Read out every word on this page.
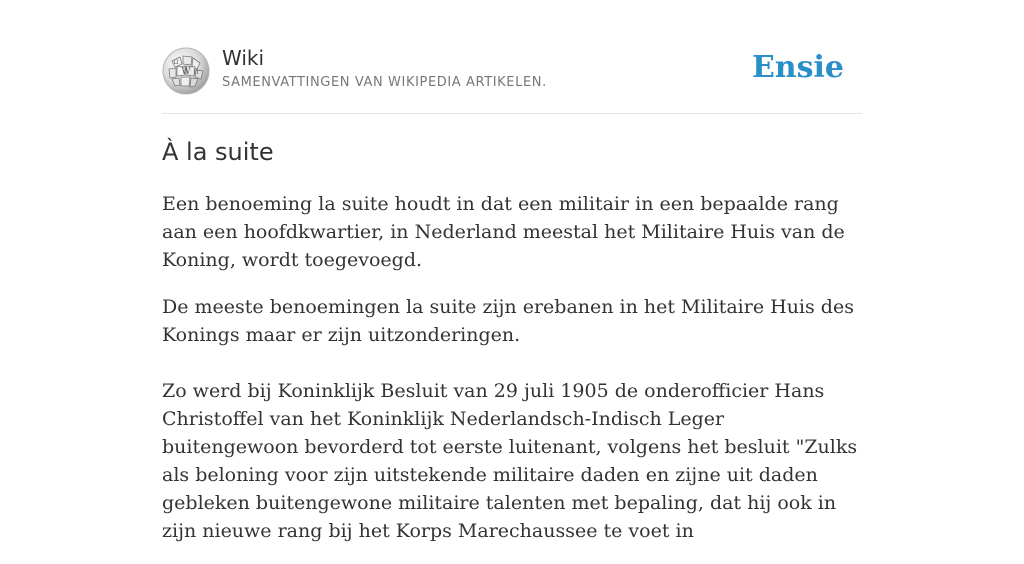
W
Ω
И
Wiki
SAMENVATTINGEN VAN WIKIPEDIA ARTIKELEN.	Ensie
À la suite

Een benoeming la suite houdt in dat een militair in een bepaalde rang aan een hoofdkwartier, in Nederland meestal het Militaire Huis van de Koning, wordt toegevoegd.

De meeste benoemingen la suite zijn erebanen in het Militaire Huis des Konings maar er zijn uitzonderingen.

Zo werd bij Koninklijk Besluit van 29 juli 1905 de onderofficier Hans Christoffel van het Koninklijk Nederlandsch-Indisch Leger buitengewoon bevorderd tot eerste luitenant, volgens het besluit "Zulks als beloning voor zijn uitstekende militaire daden en zijne uit daden gebleken buitengewone militaire talenten met bepaling, dat hij ook in zijn nieuwe rang bij het Korps Marechaussee te voet in
